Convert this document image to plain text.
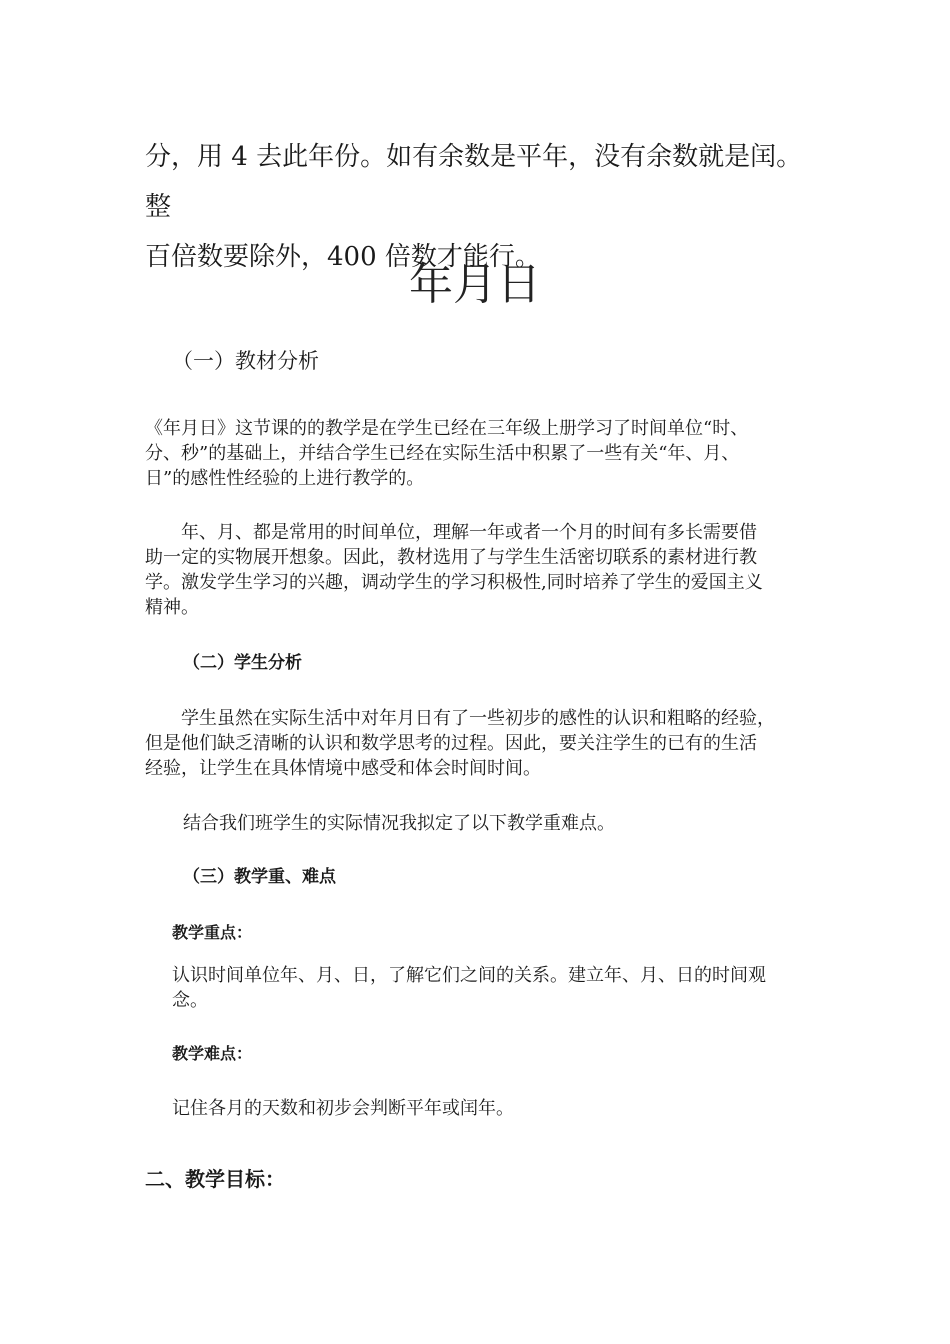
分，用 4 去此年份。如有余数是平年，没有余数就是闰。整
百倍数要除外，400 倍数才能行。
年月日
（一）教材分析

《年月日》这节课的的教学是在学生已经在三年级上册学习了时间单位“时、

分、秒”的基础上，并结合学生已经在实际生活中积累了一些有关“年、月、

日”的感性性经验的上进行教学的。

　　年、月、都是常用的时间单位，理解一年或者一个月的时间有多长需要借

助一定的实物展开想象。因此，教材选用了与学生生活密切联系的素材进行教

学。激发学生学习的兴趣，调动学生的学习积极性,同时培养了学生的爱国主义

精神。

（二）学生分析

　　学生虽然在实际生活中对年月日有了一些初步的感性的认识和粗略的经验，

但是他们缺乏清晰的认识和数学思考的过程。因此，要关注学生的已有的生活

经验，让学生在具体情境中感受和体会时间时间。

结合我们班学生的实际情况我拟定了以下教学重难点。
（三）教学重、难点
教学重点：

认识时间单位年、月、日，了解它们之间的关系。建立年、月、日的时间观

念。

教学难点：
记住各月的天数和初步会判断平年或闰年。
二、教学目标：
